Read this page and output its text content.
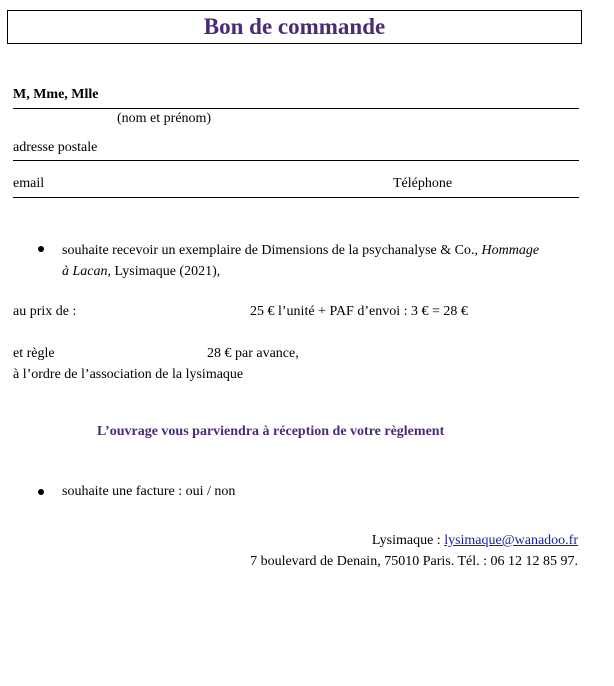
Bon de commande
M, Mme, Mlle
(nom et prénom)
adresse postale
email	Téléphone
souhaite recevoir un exemplaire de Dimensions de la psychanalyse & Co., Hommage
à Lacan, Lysimaque (2021),
au prix de :	25 € l’unité + PAF d’envoi : 3 € = 28 €
et règle	28 € par avance,
à l’ordre de l’association de la lysimaque
L’ouvrage vous parviendra à réception de votre règlement
souhaite une facture : oui / non
Lysimaque : lysimaque@wanadoo.fr
7 boulevard de Denain, 75010 Paris. Tél. : 06 12 12 85 97.
